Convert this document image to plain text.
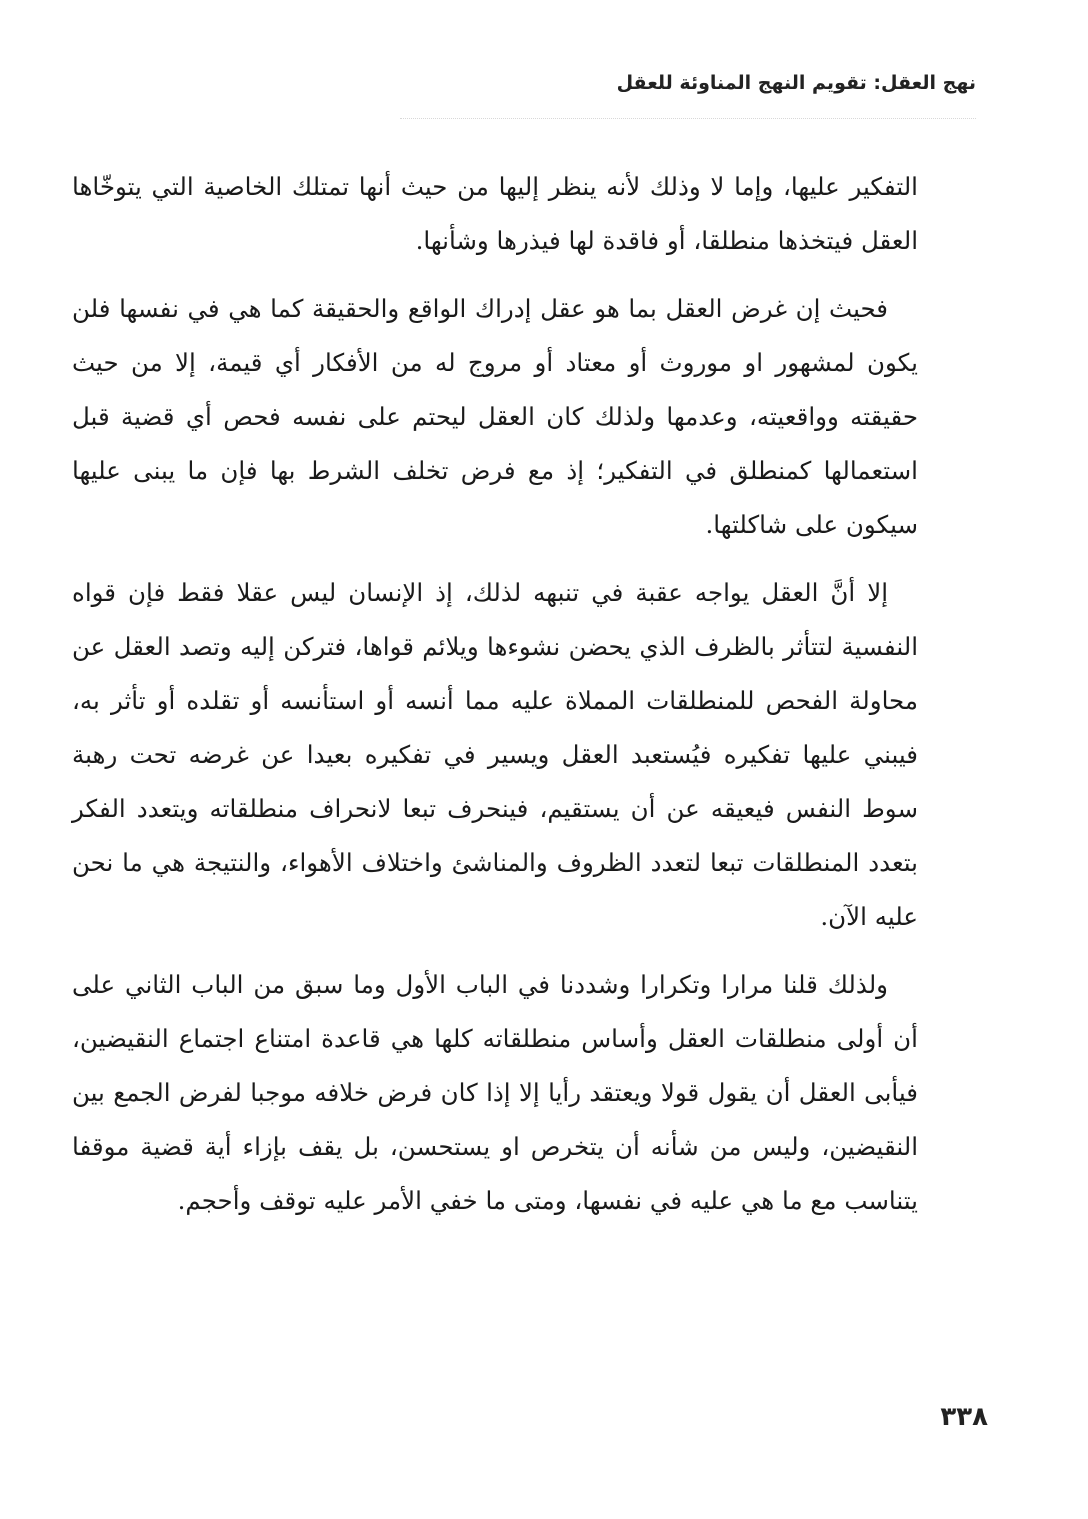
نهج العقل: تقويم النهج المناوئة للعقل

التفكير عليها، وإما لا وذلك لأنه ينظر إليها من حيث أنها تمتلك الخاصية التي يتوخّاها العقل فيتخذها منطلقا، أو فاقدة لها فيذرها وشأنها.

فحيث إن غرض العقل بما هو عقل إدراك الواقع والحقيقة كما هي في نفسها فلن يكون لمشهور او موروث أو معتاد أو مروج له من الأفكار أي قيمة، إلا من حيث حقيقته وواقعيته، وعدمها ولذلك كان العقل ليحتم على نفسه فحص أي قضية قبل استعمالها كمنطلق في التفكير؛ إذ مع فرض تخلف الشرط بها فإن ما يبنى عليها سيكون على شاكلتها.

إلا أنَّ العقل يواجه عقبة في تنبهه لذلك، إذ الإنسان ليس عقلا فقط فإن قواه النفسية لتتأثر بالظرف الذي يحضن نشوءها ويلائم قواها، فتركن إليه وتصد العقل عن محاولة الفحص للمنطلقات المملاة عليه مما أنسه أو استأنسه أو تقلده أو تأثر به، فيبني عليها تفكيره فيُستعبد العقل ويسير في تفكيره بعيدا عن غرضه تحت رهبة سوط النفس فيعيقه عن أن يستقيم، فينحرف تبعا لانحراف منطلقاته ويتعدد الفكر بتعدد المنطلقات تبعا لتعدد الظروف والمناشئ واختلاف الأهواء، والنتيجة هي ما نحن عليه الآن.

ولذلك قلنا مرارا وتكرارا وشددنا في الباب الأول وما سبق من الباب الثاني على أن أولى منطلقات العقل وأساس منطلقاته كلها هي قاعدة امتناع اجتماع النقيضين، فيأبى العقل أن يقول قولا ويعتقد رأيا إلا إذا كان فرض خلافه موجبا لفرض الجمع بين النقيضين، وليس من شأنه أن يتخرص او يستحسن، بل يقف بإزاء أية قضية موقفا يتناسب مع ما هي عليه في نفسها، ومتى ما خفي الأمر عليه توقف وأحجم.

٣٣٨
